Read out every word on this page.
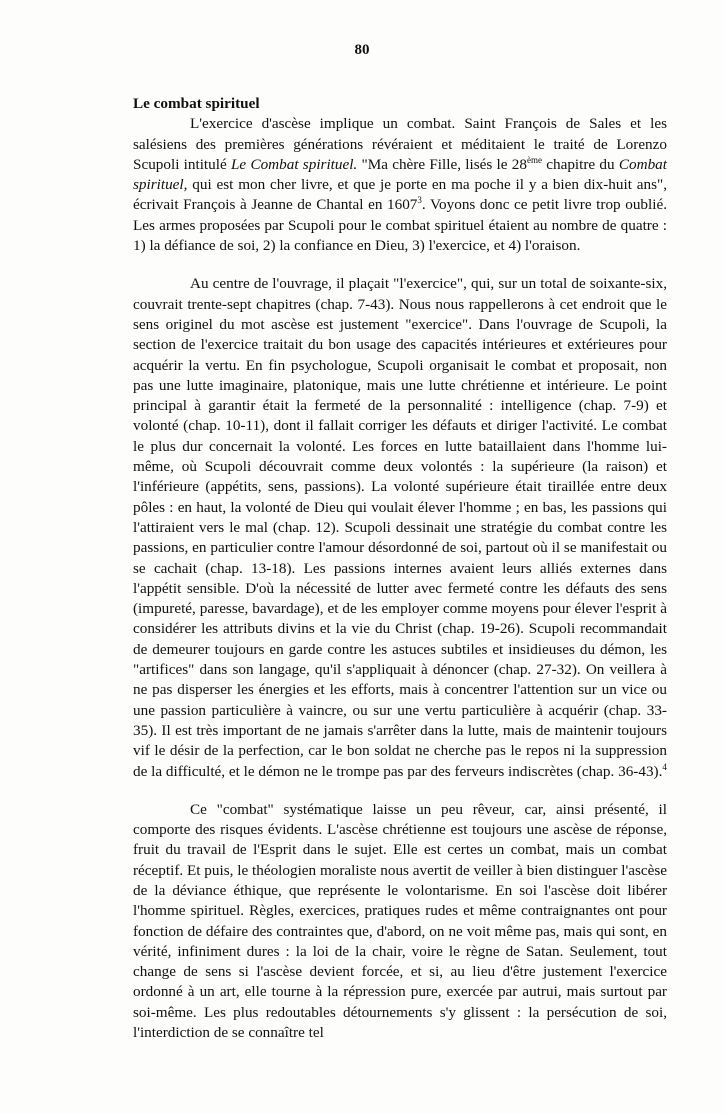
80
Le combat spirituel

L'exercice d'ascèse implique un combat. Saint François de Sales et les salésiens des premières générations révéraient et méditaient le traité de Lorenzo Scupoli intitulé Le Combat spirituel. "Ma chère Fille, lisés le 28ème chapitre du Combat spirituel, qui est mon cher livre, et que je porte en ma poche il y a bien dix-huit ans", écrivait François à Jeanne de Chantal en 1607$^3$. Voyons donc ce petit livre trop oublié. Les armes proposées par Scupoli pour le combat spirituel étaient au nombre de quatre : 1) la défiance de soi, 2) la confiance en Dieu, 3) l'exercice, et 4) l'oraison.

Au centre de l'ouvrage, il plaçait "l'exercice", qui, sur un total de soixante-six, couvrait trente-sept chapitres (chap. 7-43). Nous nous rappellerons à cet endroit que le sens originel du mot ascèse est justement "exercice". Dans l'ouvrage de Scupoli, la section de l'exercice traitait du bon usage des capacités intérieures et extérieures pour acquérir la vertu. En fin psychologue, Scupoli organisait le combat et proposait, non pas une lutte imaginaire, platonique, mais une lutte chrétienne et intérieure. Le point principal à garantir était la fermeté de la personnalité : intelligence (chap. 7-9) et volonté (chap. 10-11), dont il fallait corriger les défauts et diriger l'activité. Le combat le plus dur concernait la volonté. Les forces en lutte bataillaient dans l'homme lui-même, où Scupoli découvrait comme deux volontés : la supérieure (la raison) et l'inférieure (appétits, sens, passions). La volonté supérieure était tiraillée entre deux pôles : en haut, la volonté de Dieu qui voulait élever l'homme ; en bas, les passions qui l'attiraient vers le mal (chap. 12). Scupoli dessinait une stratégie du combat contre les passions, en particulier contre l'amour désordonné de soi, partout où il se manifestait ou se cachait (chap. 13-18). Les passions internes avaient leurs alliés externes dans l'appétit sensible. D'où la nécessité de lutter avec fermeté contre les défauts des sens (impureté, paresse, bavardage), et de les employer comme moyens pour élever l'esprit à considérer les attributs divins et la vie du Christ (chap. 19-26). Scupoli recommandait de demeurer toujours en garde contre les astuces subtiles et insidieuses du démon, les "artifices" dans son langage, qu'il s'appliquait à dénoncer (chap. 27-32). On veillera à ne pas disperser les énergies et les efforts, mais à concentrer l'attention sur un vice ou une passion particulière à vaincre, ou sur une vertu particulière à acquérir (chap. 33-35). Il est très important de ne jamais s'arrêter dans la lutte, mais de maintenir toujours vif le désir de la perfection, car le bon soldat ne cherche pas le repos ni la suppression de la difficulté, et le démon ne le trompe pas par des ferveurs indiscrètes (chap. 36-43).$^4$

Ce "combat" systématique laisse un peu rêveur, car, ainsi présenté, il comporte des risques évidents. L'ascèse chrétienne est toujours une ascèse de réponse, fruit du travail de l'Esprit dans le sujet. Elle est certes un combat, mais un combat réceptif. Et puis, le théologien moraliste nous avertit de veiller à bien distinguer l'ascèse de la déviance éthique, que représente le volontarisme. En soi l'ascèse doit libérer l'homme spirituel. Règles, exercices, pratiques rudes et même contraignantes ont pour fonction de défaire des contraintes que, d'abord, on ne voit même pas, mais qui sont, en vérité, infiniment dures : la loi de la chair, voire le règne de Satan. Seulement, tout change de sens si l'ascèse devient forcée, et si, au lieu d'être justement l'exercice ordonné à un art, elle tourne à la répression pure, exercée par autrui, mais surtout par soi-même. Les plus redoutables détournements s'y glissent : la persécution de soi, l'interdiction de se connaître tel
